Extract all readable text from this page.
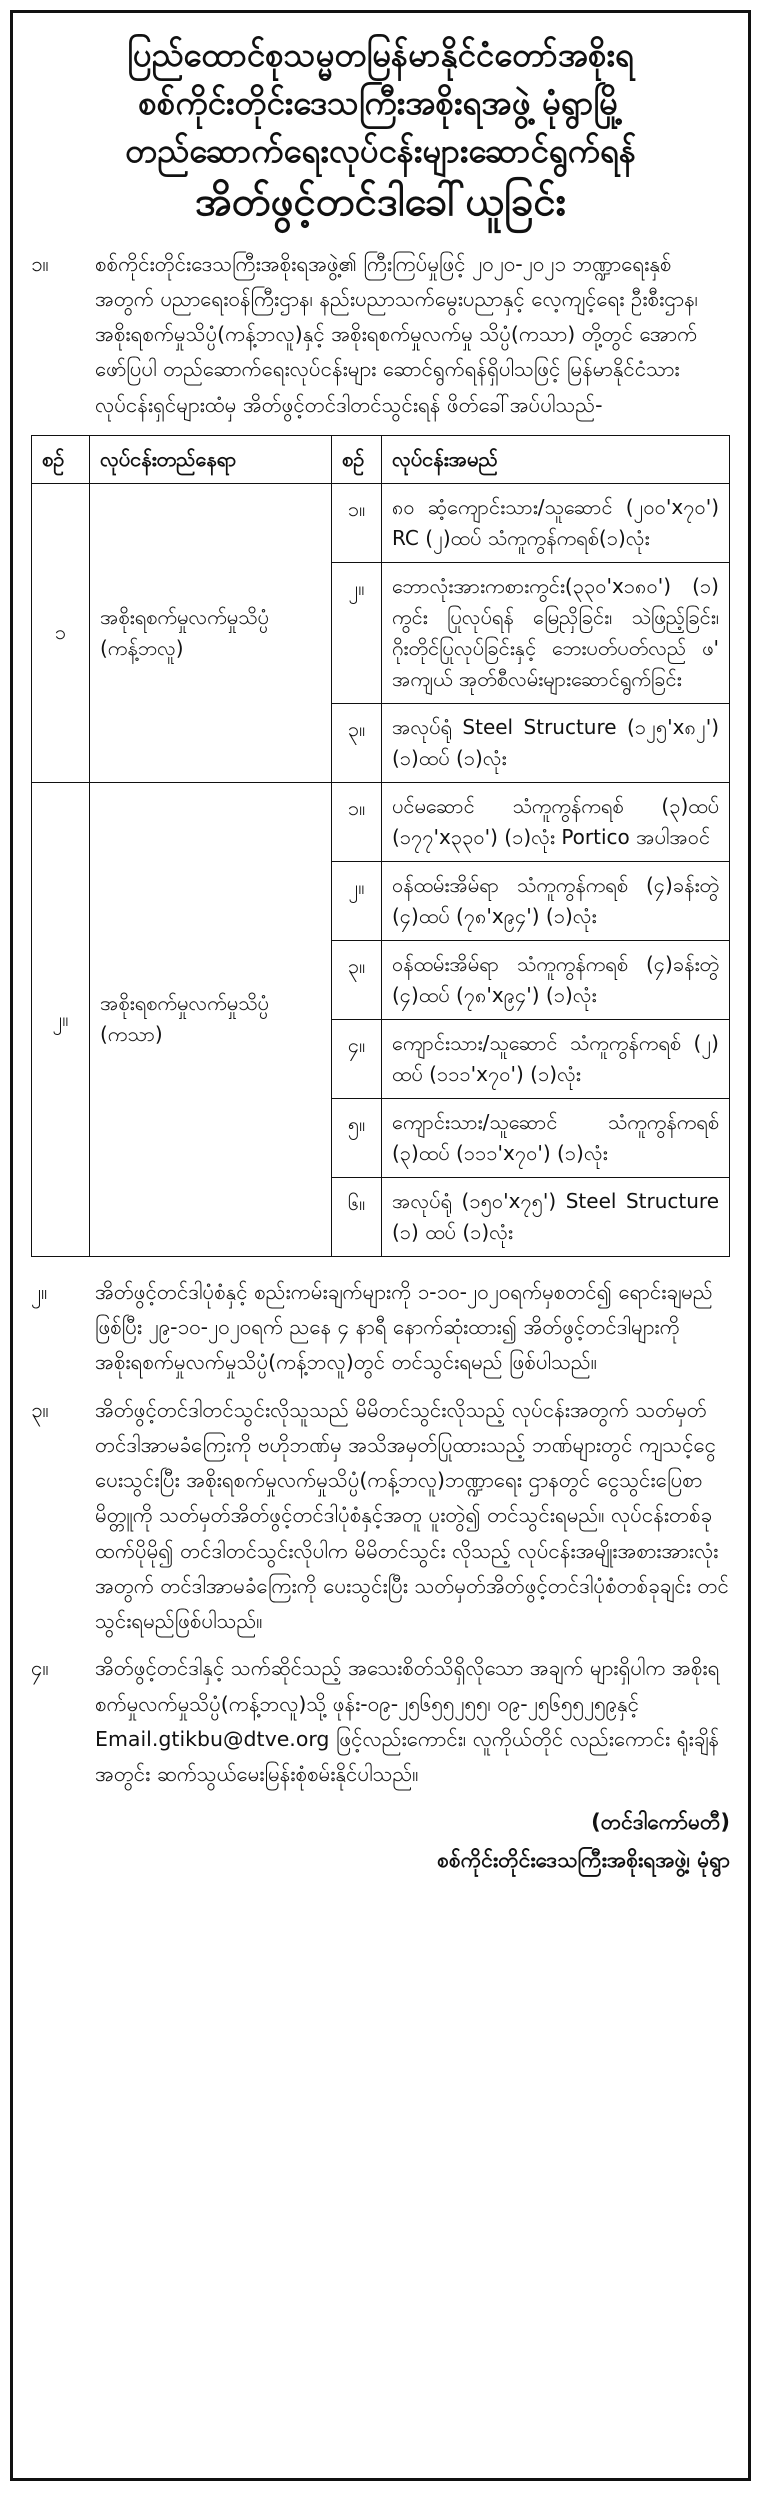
ပြည်ထောင်စုသမ္မတမြန်မာနိုင်ငံတော်အစိုးရ

စစ်ကိုင်းတိုင်းဒေသကြီးအစိုးရအဖွဲ့ မုံရွာမြို့

တည်ဆောက်ရေးလုပ်ငန်းများဆောင်ရွက်ရန်

အိတ်ဖွင့်တင်ဒါခေါ်ယူခြင်း

၁။	စစ်ကိုင်းတိုင်းဒေသကြီးအစိုးရအဖွဲ့၏ ကြီးကြပ်မှုဖြင့် ၂၀၂၀-၂၀၂၁ ဘဏ္ဍာရေးနှစ်အတွက် ပညာရေးဝန်ကြီးဌာန၊ နည်းပညာသက်မွေးပညာနှင့် လေ့ကျင့်ရေး ဦးစီးဌာန၊ အစိုးရစက်မှုသိပ္ပံ(ကန့်ဘလူ)နှင့် အစိုးရစက်မှုလက်မှု သိပ္ပံ(ကသာ) တို့တွင် အောက် ဖော်ပြပါ တည်ဆောက်ရေးလုပ်ငန်းများ ဆောင်ရွက်ရန်ရှိပါသဖြင့် မြန်မာနိုင်ငံသားလုပ်ငန်းရှင်များထံမှ အိတ်ဖွင့်တင်ဒါတင်သွင်းရန် ဖိတ်ခေါ်အပ်ပါသည်-
စဉ်	လုပ်ငန်းတည်နေရာ	စဉ်	လုပ်ငန်းအမည်
၁	အစိုးရစက်မှုလက်မှုသိပ္ပံ
(ကန့်ဘလူ)	၁။	၈၀ ဆံ့ကျောင်းသား/သူဆောင် (၂၀၀'x၇၀') RC (၂)ထပ် သံကူကွန်ကရစ်(၁)လုံး
		၂။	ဘောလုံးအားကစားကွင်း(၃၃၀'x၁၈၀') (၁) ကွင်း ပြုလုပ်ရန် မြေညှိခြင်း၊ သဲဖြည့်ခြင်း၊ ဂိုးတိုင်ပြုလုပ်ခြင်းနှင့် ဘေးပတ်ပတ်လည် ဖ' အကျယ် အုတ်စီလမ်းများဆောင်ရွက်ခြင်း
		၃။	အလုပ်ရုံ Steel Structure (၁၂၅'x၈၂') (၁)ထပ် (၁)လုံး
၂။	အစိုးရစက်မှုလက်မှုသိပ္ပံ
(ကသာ)	၁။	ပင်မဆောင် သံကူကွန်ကရစ် (၃)ထပ် (၁၇၇'x၃၃၀') (၁)လုံး Portico အပါအဝင်
		၂။	ဝန်ထမ်းအိမ်ရာ သံကူကွန်ကရစ် (၄)ခန်းတွဲ (၄)ထပ် (၇၈'x၉၄') (၁)လုံး
		၃။	ဝန်ထမ်းအိမ်ရာ သံကူကွန်ကရစ် (၄)ခန်းတွဲ (၄)ထပ် (၇၈'x၉၄') (၁)လုံး
		၄။	ကျောင်းသား/သူဆောင် သံကူကွန်ကရစ် (၂) ထပ် (၁၁၁'x၇၀') (၁)လုံး
		၅။	ကျောင်းသား/သူဆောင် သံကူကွန်ကရစ် (၃)ထပ် (၁၁၁'x၇၀') (၁)လုံး
		၆။	အလုပ်ရုံ (၁၅၀'x၇၅') Steel Structure (၁) ထပ် (၁)လုံး
၂။	အိတ်ဖွင့်တင်ဒါပုံစံနှင့် စည်းကမ်းချက်များကို ၁-၁၀-၂၀၂၀ရက်မှစတင်၍ ရောင်းချမည်ဖြစ်ပြီး ၂၉-၁၀-၂၀၂၀ရက် ညနေ ၄ နာရီ နောက်ဆုံးထား၍ အိတ်ဖွင့်တင်ဒါများကို အစိုးရစက်မှုလက်မှုသိပ္ပံ(ကန့်ဘလူ)တွင် တင်သွင်းရမည် ဖြစ်ပါသည်။
၃။	အိတ်ဖွင့်တင်ဒါတင်သွင်းလိုသူသည် မိမိတင်သွင်းလိုသည့် လုပ်ငန်းအတွက် သတ်မှတ်တင်ဒါအာမခံကြေးကို ဗဟိုဘဏ်မှ အသိအမှတ်ပြုထားသည့် ဘဏ်များတွင် ကျသင့်ငွေပေးသွင်းပြီး အစိုးရစက်မှုလက်မှုသိပ္ပံ(ကန့်ဘလူ)ဘဏ္ဍာရေး ဌာနတွင် ငွေသွင်းပြေစာမိတ္တူကို သတ်မှတ်အိတ်ဖွင့်တင်ဒါပုံစံနှင့်အတူ ပူးတွဲ၍ တင်သွင်းရမည်။ လုပ်ငန်းတစ်ခုထက်ပိုမို၍ တင်ဒါတင်သွင်းလိုပါက မိမိတင်သွင်း လိုသည့် လုပ်ငန်းအမျိုးအစားအားလုံးအတွက် တင်ဒါအာမခံကြေးကို ပေးသွင်းပြီး သတ်မှတ်အိတ်ဖွင့်တင်ဒါပုံစံတစ်ခုချင်း တင်သွင်းရမည်ဖြစ်ပါသည်။
၄။	အိတ်ဖွင့်တင်ဒါနှင့် သက်ဆိုင်သည့် အသေးစိတ်သိရှိလိုသော အချက် များရှိပါက အစိုးရစက်မှုလက်မှုသိပ္ပံ(ကန့်ဘလူ)သို့ ဖုန်း-၀၉-၂၅၆၅၅၂၅၅၊ ၀၉-၂၅၆၅၅၂၅၉နှင့် Email.gtikbu@dtve.org ဖြင့်လည်းကောင်း၊ လူကိုယ်တိုင် လည်းကောင်း ရုံးချိန်အတွင်း ဆက်သွယ်မေးမြန်းစုံစမ်းနိုင်ပါသည်။
(တင်ဒါကော်မတီ)
စစ်ကိုင်းတိုင်းဒေသကြီးအစိုးရအဖွဲ့၊ မုံရွာ
